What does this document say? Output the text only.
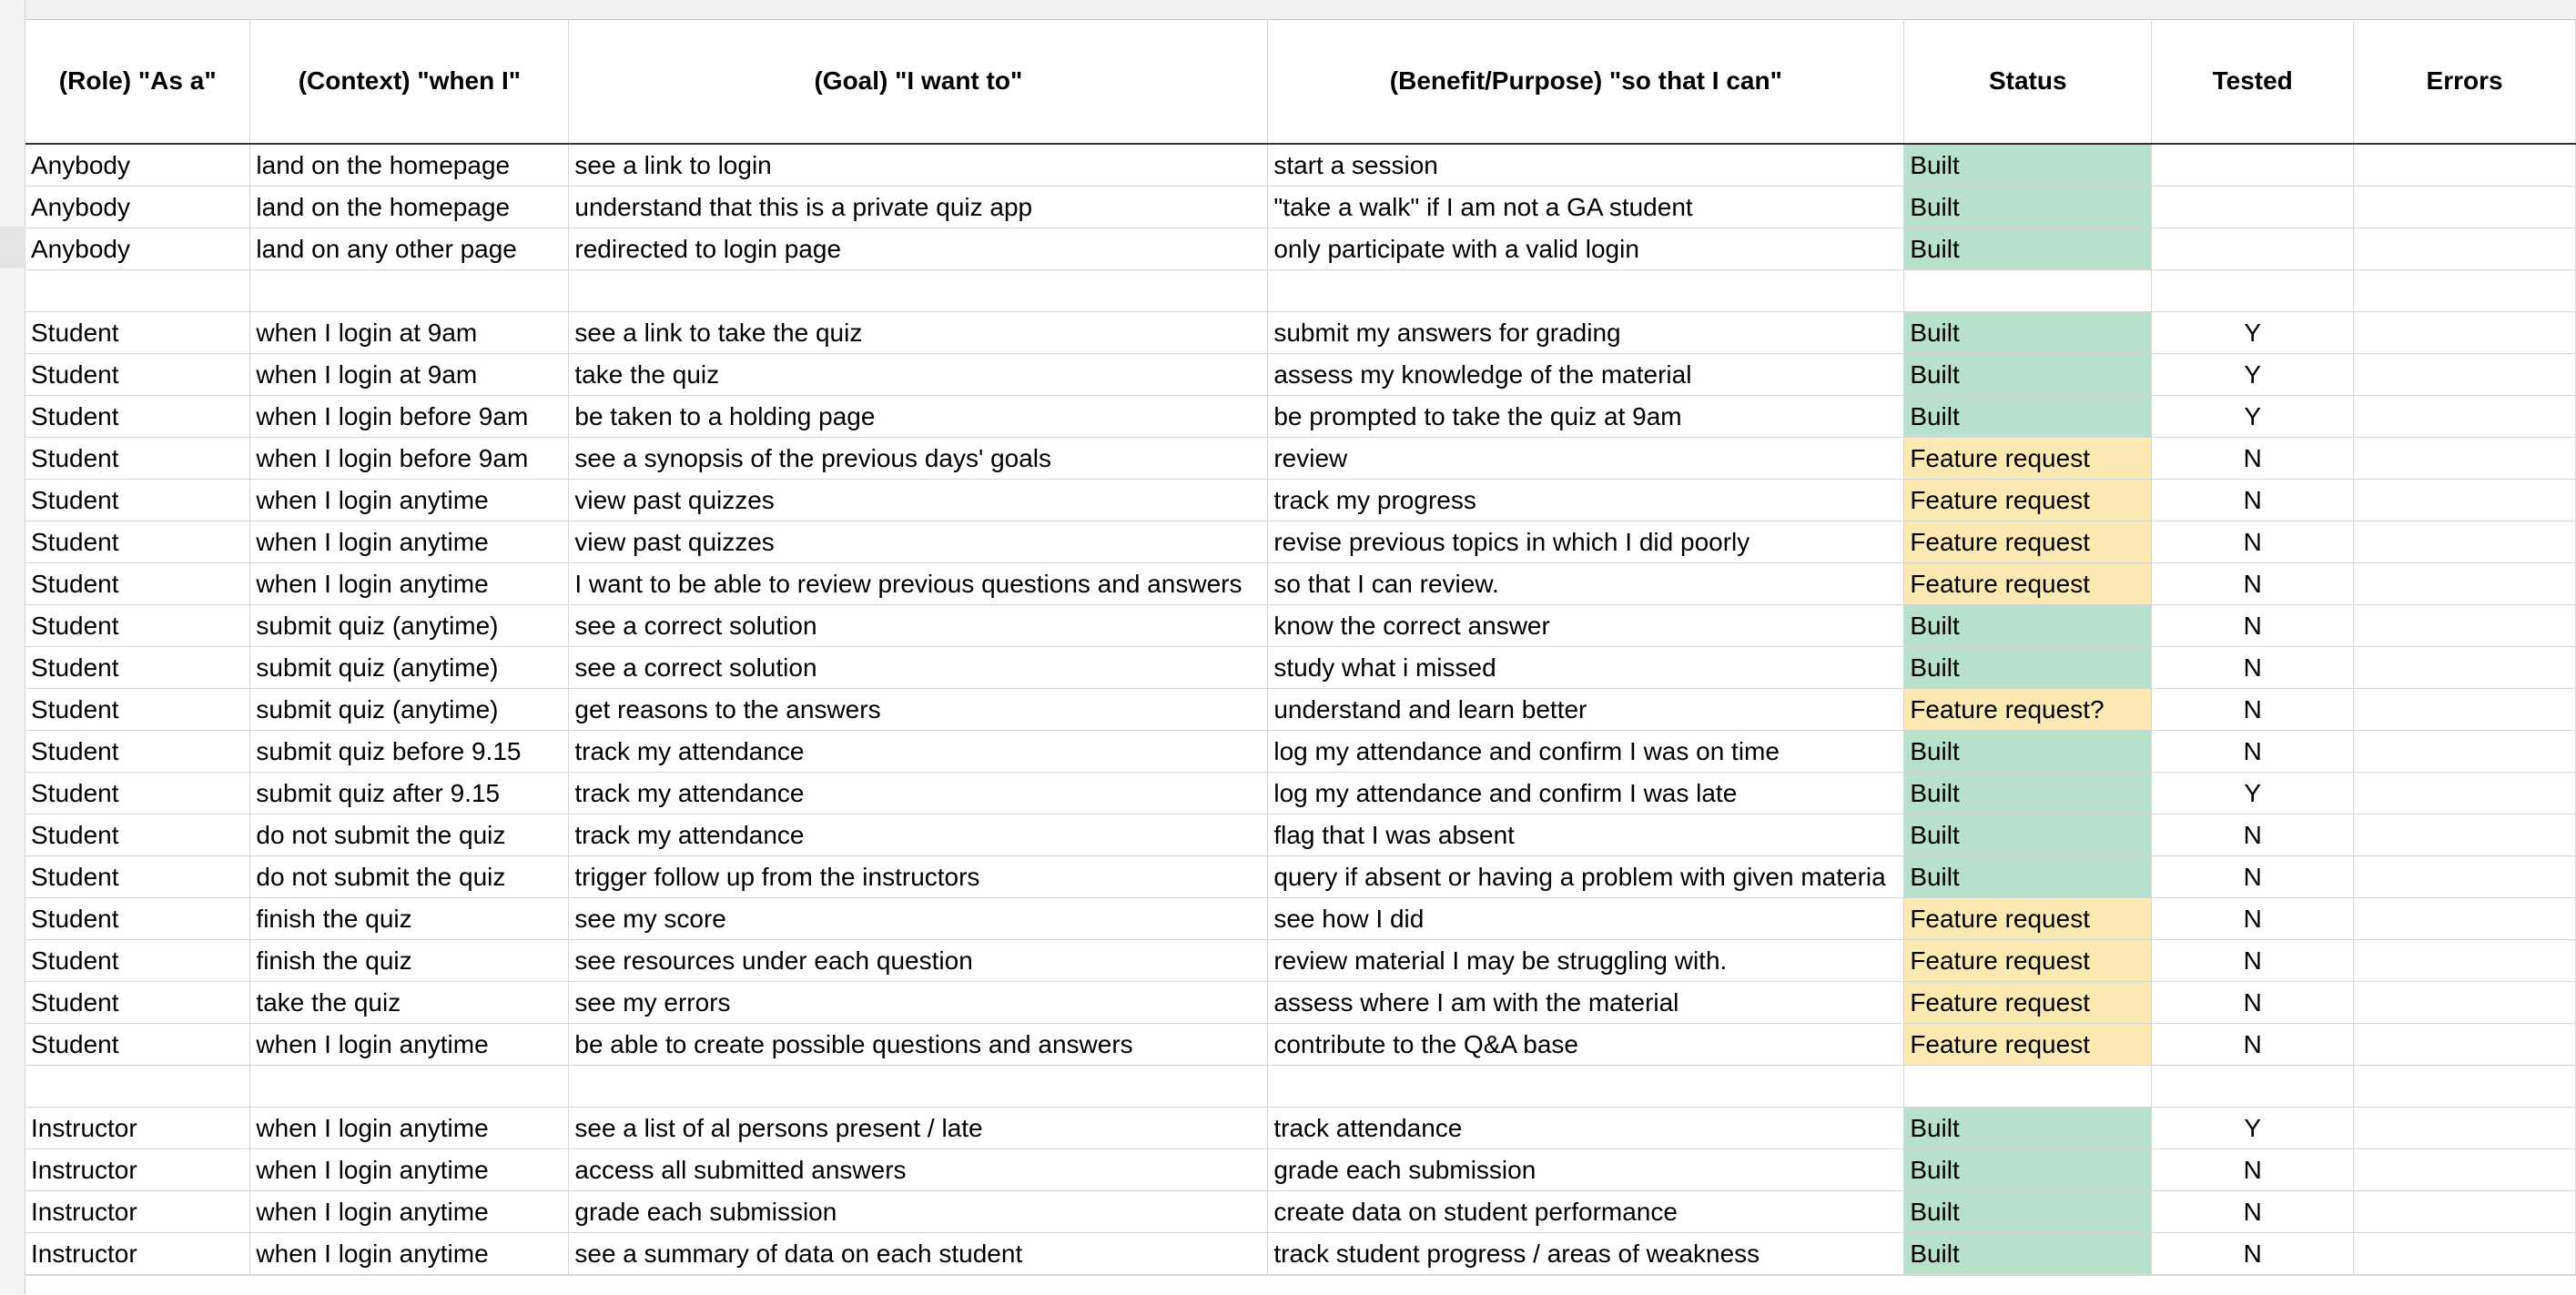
(Role) "As a"	(Context) "when I"	(Goal) "I want to"	(Benefit/Purpose) "so that I can"	Status	Tested	Errors
Anybody	land on the homepage	see a link to login	start a session	Built		
Anybody	land on the homepage	understand that this is a private quiz app	"take a walk" if I am not a GA student	Built		
Anybody	land on any other page	redirected to login page	only participate with a valid login	Built		

Student	when I login at 9am	see a link to take the quiz	submit my answers for grading	Built	Y	
Student	when I login at 9am	take the quiz	assess my knowledge of the material	Built	Y	
Student	when I login before 9am	be taken to a holding page	be prompted to take the quiz at 9am	Built	Y	
Student	when I login before 9am	see a synopsis of the previous days' goals	review	Feature request	N	
Student	when I login anytime	view past quizzes	track my progress	Feature request	N	
Student	when I login anytime	view past quizzes	revise previous topics in which I did poorly	Feature request	N	
Student	when I login anytime	I want to be able to review previous questions and answers	so that I can review.	Feature request	N	
Student	submit quiz (anytime)	see a correct solution	know the correct answer	Built	N	
Student	submit quiz (anytime)	see a correct solution	study what i missed	Built	N	
Student	submit quiz (anytime)	get reasons to the answers	understand and learn better	Feature request?	N	
Student	submit quiz before 9.15	track my attendance	log my attendance and confirm I was on time	Built	N	
Student	submit quiz after 9.15	track my attendance	log my attendance and confirm I was late	Built	Y	
Student	do not submit the quiz	track my attendance	flag that I was absent	Built	N	
Student	do not submit the quiz	trigger follow up from the instructors	query if absent or having a problem with given materia	Built	N	
Student	finish the quiz	see my score	see how I did	Feature request	N	
Student	finish the quiz	see resources under each question	review material I may be struggling with.	Feature request	N	
Student	take the quiz	see my errors	assess where I am with the material	Feature request	N	
Student	when I login anytime	be able to create possible questions and answers	contribute to the Q&A base	Feature request	N	

Instructor	when I login anytime	see a list of al persons present / late	track attendance	Built	Y	
Instructor	when I login anytime	access all submitted answers	grade each submission	Built	N	
Instructor	when I login anytime	grade each submission	create data on student performance	Built	N	
Instructor	when I login anytime	see a summary of data on each student	track student progress / areas of weakness	Built	N	
